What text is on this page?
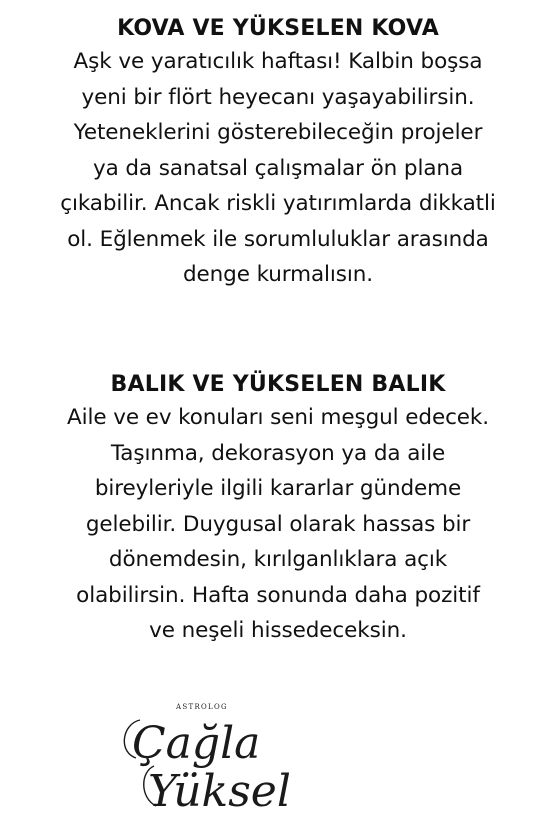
KOVA VE YÜKSELEN KOVA

Aşk ve yaratıcılık haftası! Kalbin boşsa
yeni bir flört heyecanı yaşayabilirsin.
Yeteneklerini gösterebileceğin projeler
ya da sanatsal çalışmalar ön plana
çıkabilir. Ancak riskli yatırımlarda dikkatli
ol. Eğlenmek ile sorumluluklar arasında
denge kurmalısın.

BALIK VE YÜKSELEN BALIK

Aile ve ev konuları seni meşgul edecek.
Taşınma, dekorasyon ya da aile
bireyleriyle ilgili kararlar gündeme
gelebilir. Duygusal olarak hassas bir
dönemdesin, kırılganlıklara açık
olabilirsin. Hafta sonunda daha pozitif
ve neşeli hissedeceksin.

ASTROLOG
Çağla
Yüksel
